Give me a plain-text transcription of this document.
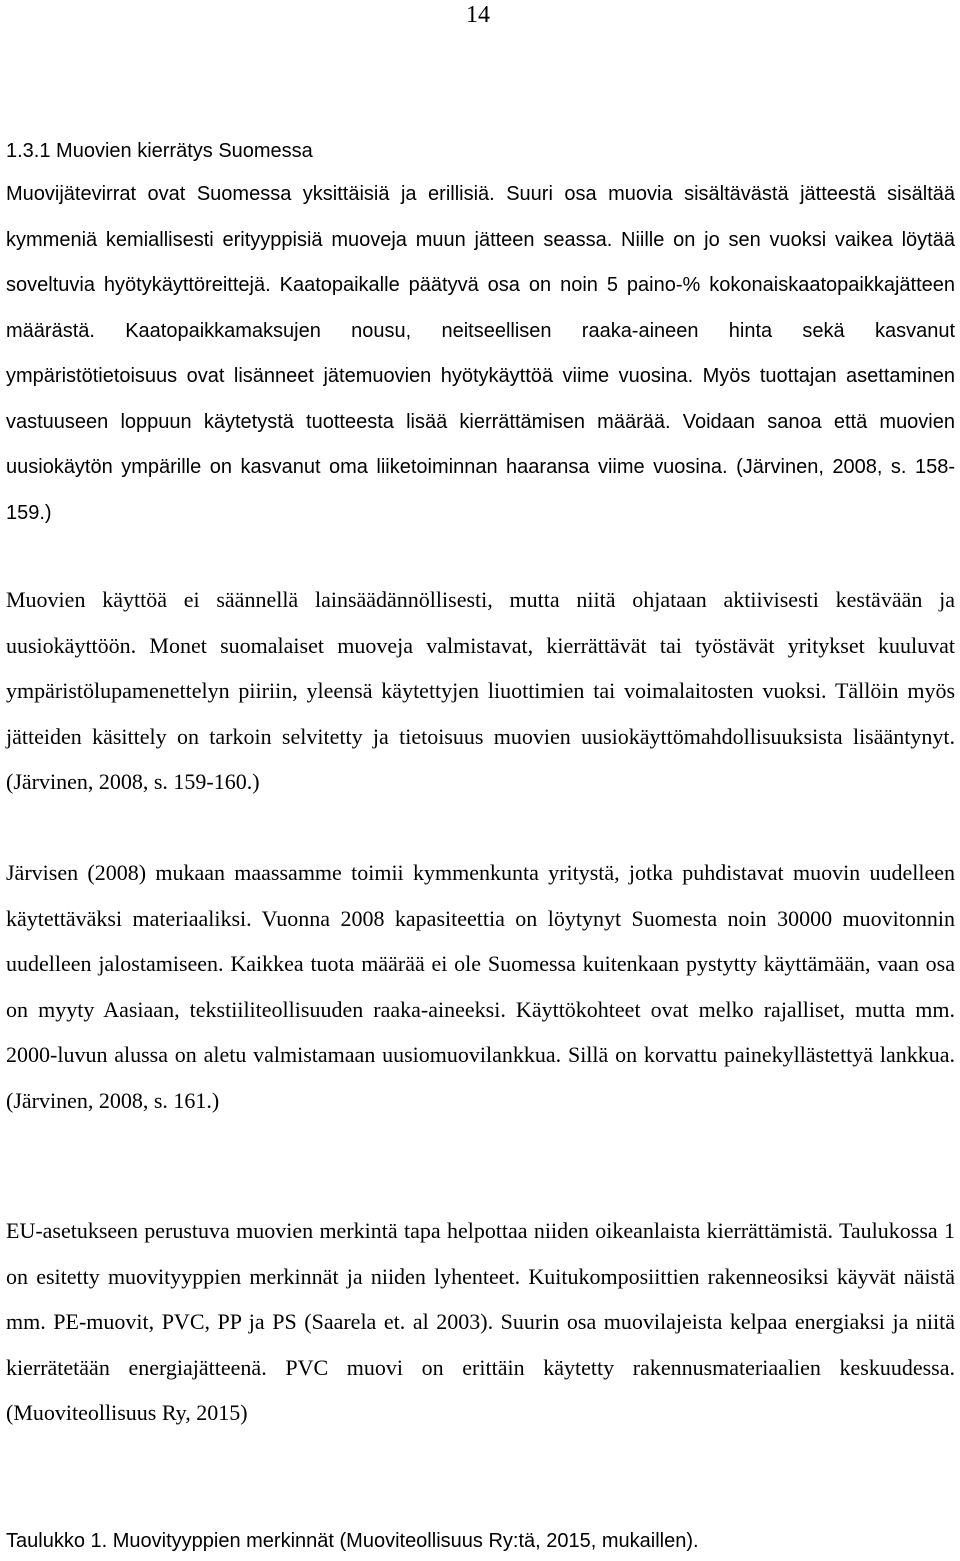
14
1.3.1 Muovien kierrätys Suomessa

Muovijätevirrat ovat Suomessa yksittäisiä ja erillisiä. Suuri osa muovia sisältävästä jätteestä sisältää kymmeniä kemiallisesti erityyppisiä muoveja muun jätteen seassa. Niille on jo sen vuoksi vaikea löytää soveltuvia hyötykäyttöreittejä. Kaatopaikalle päätyvä osa on noin 5 paino-% kokonaiskaatopaikkajätteen määrästä. Kaatopaikkamaksujen nousu, neitseellisen raaka-aineen hinta sekä kasvanut ympäristötietoisuus ovat lisänneet jätemuovien hyötykäyttöä viime vuosina. Myös tuottajan asettaminen vastuuseen loppuun käytetystä tuotteesta lisää kierrättämisen määrää. Voidaan sanoa että muovien uusiokäytön ympärille on kasvanut oma liiketoiminnan haaransa viime vuosina. (Järvinen, 2008, s. 158-159.)

Muovien käyttöä ei säännellä lainsäädännöllisesti, mutta niitä ohjataan aktiivisesti kestävään ja uusiokäyttöön. Monet suomalaiset muoveja valmistavat, kierrättävät tai työstävät yritykset kuuluvat ympäristölupamenettelyn piiriin, yleensä käytettyjen liuottimien tai voimalaitosten vuoksi. Tällöin myös jätteiden käsittely on tarkoin selvitetty ja tietoisuus muovien uusiokäyttömahdollisuuksista lisääntynyt. (Järvinen, 2008, s. 159-160.)

Järvisen (2008) mukaan maassamme toimii kymmenkunta yritystä, jotka puhdistavat muovin uudelleen käytettäväksi materiaaliksi. Vuonna 2008 kapasiteettia on löytynyt Suomesta noin 30000 muovitonnin uudelleen jalostamiseen. Kaikkea tuota määrää ei ole Suomessa kuitenkaan pystytty käyttämään, vaan osa on myyty Aasiaan, tekstiiliteollisuuden raaka-aineeksi. Käyttökohteet ovat melko rajalliset, mutta mm. 2000-luvun alussa on aletu valmistamaan uusiomuovilankkua. Sillä on korvattu painekyllästettyä lankkua. (Järvinen, 2008, s. 161.)

EU-asetukseen perustuva muovien merkintä tapa helpottaa niiden oikeanlaista kierrättämistä. Taulukossa 1 on esitetty muovityyppien merkinnät ja niiden lyhenteet. Kuitukomposiittien rakenneosiksi käyvät näistä mm. PE-muovit, PVC, PP ja PS (Saarela et. al 2003). Suurin osa muovilajeista kelpaa energiaksi ja niitä kierrätetään energiajätteenä. PVC muovi on erittäin käytetty rakennusmateriaalien keskuudessa. (Muoviteollisuus Ry, 2015)

Taulukko 1. Muovityyppien merkinnät (Muoviteollisuus Ry:tä, 2015, mukaillen).
